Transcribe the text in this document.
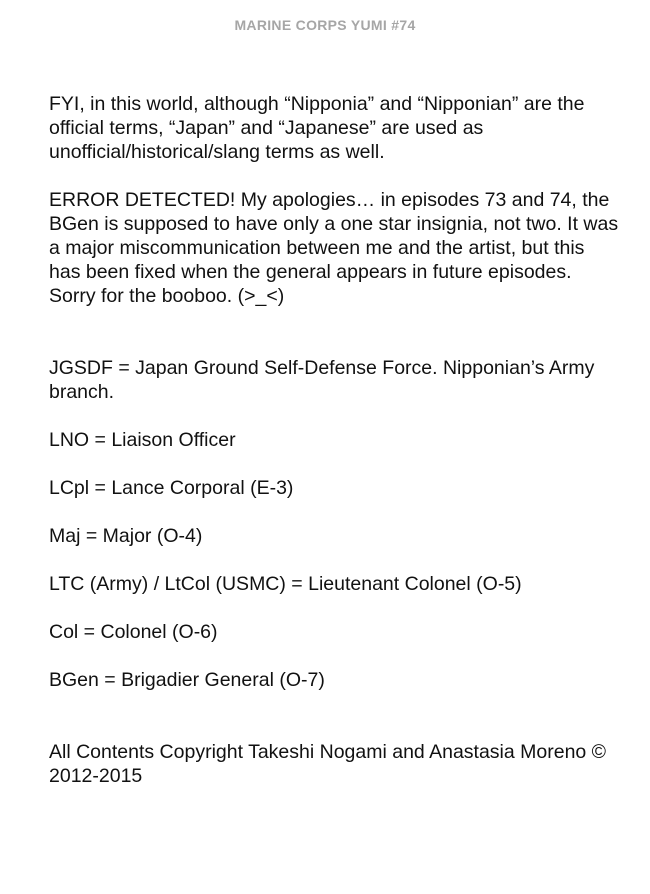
MARINE CORPS YUMI #74

FYI, in this world, although “Nipponia” and “Nipponian” are the official terms, “Japan” and “Japanese” are used as unofficial/historical/slang terms as well.

ERROR DETECTED! My apologies… in episodes 73 and 74, the BGen is supposed to have only a one star insignia, not two. It was a major miscommunication between me and the artist, but this has been fixed when the general appears in future episodes. Sorry for the booboo. (>_<)

JGSDF = Japan Ground Self-Defense Force. Nipponian’s Army branch.

LNO = Liaison Officer

LCpl = Lance Corporal (E-3)

Maj = Major (O-4)

LTC (Army) / LtCol (USMC) = Lieutenant Colonel (O-5)

Col = Colonel (O-6)

BGen = Brigadier General (O-7)

All Contents Copyright Takeshi Nogami and Anastasia Moreno © 2012-2015
